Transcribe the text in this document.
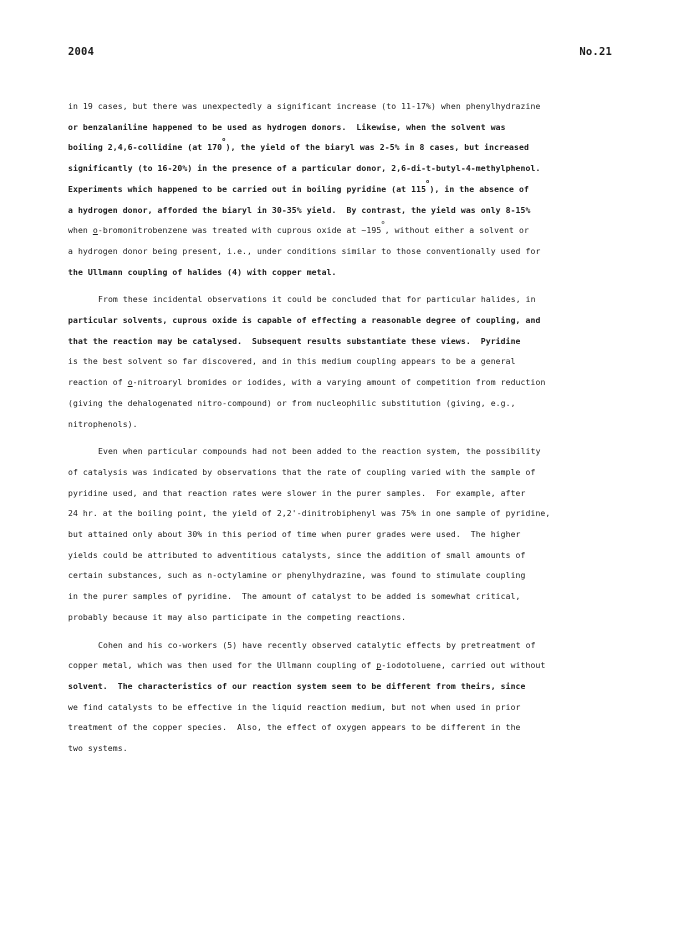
2004	No.21
in 19 cases, but there was unexpectedly a significant increase (to 11-17%) when phenylhydrazine
or benzalaniline happened to be used as hydrogen donors.  Likewise, when the solvent was
boiling 2,4,6-collidine (at 170$^o$), the yield of the biaryl was 2-5% in 8 cases, but increased
significantly (to 16-20%) in the presence of a particular donor, 2,6-di-t-butyl-4-methylphenol.
Experiments which happened to be carried out in boiling pyridine (at 115$^o$), in the absence of
a hydrogen donor, afforded the biaryl in 30-35% yield.  By contrast, the yield was only 8-15%
when o-bromonitrobenzene was treated with cuprous oxide at ~195$^o$, without either a solvent or
a hydrogen donor being present, i.e., under conditions similar to those conventionally used for
the Ullmann coupling of halides (4) with copper metal.
From these incidental observations it could be concluded that for particular halides, in
particular solvents, cuprous oxide is capable of effecting a reasonable degree of coupling, and
that the reaction may be catalysed.  Subsequent results substantiate these views.  Pyridine
is the best solvent so far discovered, and in this medium coupling appears to be a general
reaction of o-nitroaryl bromides or iodides, with a varying amount of competition from reduction
(giving the dehalogenated nitro-compound) or from nucleophilic substitution (giving, e.g.,
nitrophenols).
Even when particular compounds had not been added to the reaction system, the possibility
of catalysis was indicated by observations that the rate of coupling varied with the sample of
pyridine used, and that reaction rates were slower in the purer samples.  For example, after
24 hr. at the boiling point, the yield of 2,2'-dinitrobiphenyl was 75% in one sample of pyridine,
but attained only about 30% in this period of time when purer grades were used.  The higher
yields could be attributed to adventitious catalysts, since the addition of small amounts of
certain substances, such as n-octylamine or phenylhydrazine, was found to stimulate coupling
in the purer samples of pyridine.  The amount of catalyst to be added is somewhat critical,
probably because it may also participate in the competing reactions.
Cohen and his co-workers (5) have recently observed catalytic effects by pretreatment of
copper metal, which was then used for the Ullmann coupling of p-iodotoluene, carried out without
solvent.  The characteristics of our reaction system seem to be different from theirs, since
we find catalysts to be effective in the liquid reaction medium, but not when used in prior
treatment of the copper species.  Also, the effect of oxygen appears to be different in the
two systems.
